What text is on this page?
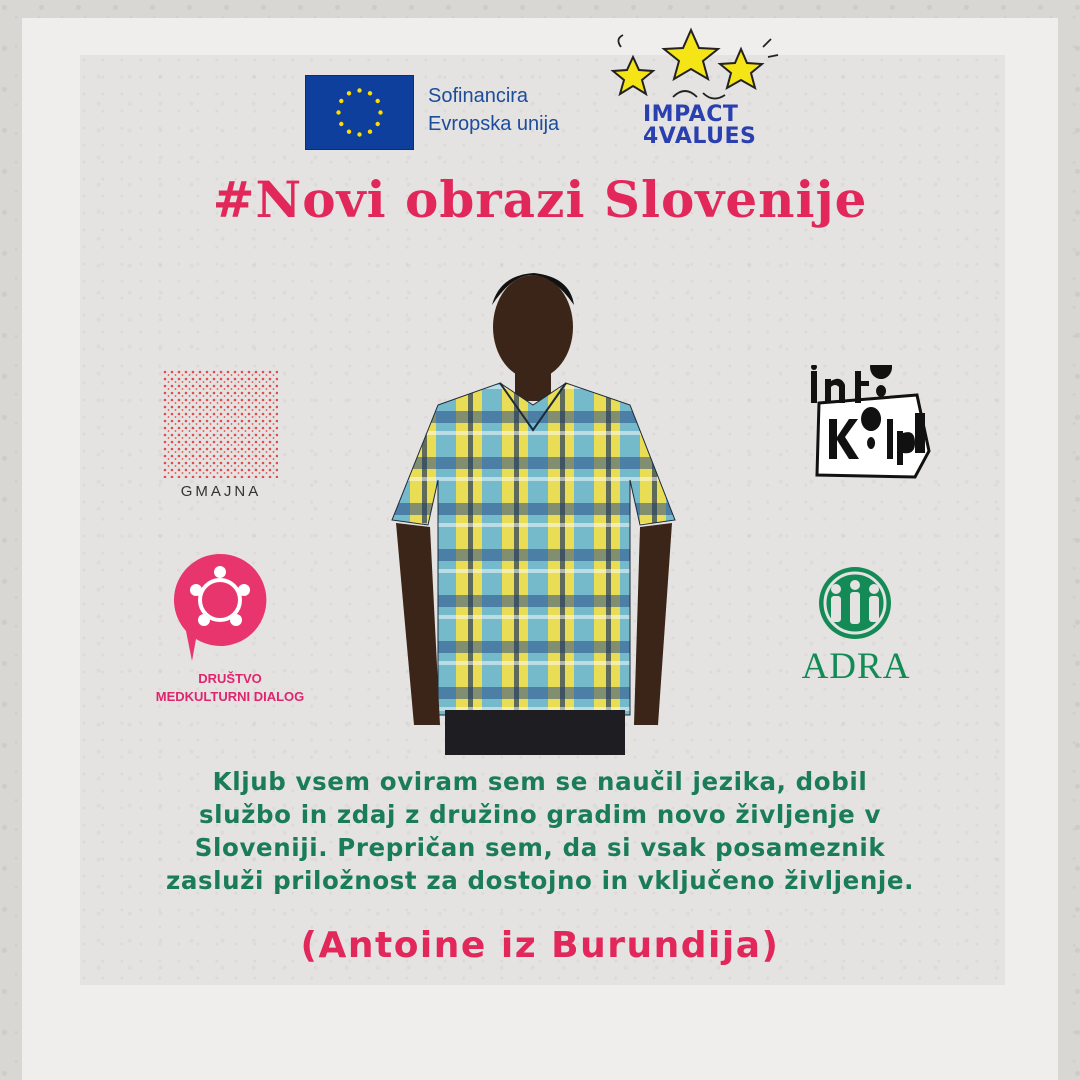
Sofinancira
Evropska unija	IMPACT
4VALUES
#Novi obrazi Slovenije
GMAJNA
DRUŠTVO
MEDKULTURNI DIALOG
ADRA
Kljub vsem oviram sem se naučil jezika, dobil
službo in zdaj z družino gradim novo življenje v
Sloveniji. Prepričan sem, da si vsak posameznik
zasluži priložnost za dostojno in vključeno življenje.
(Antoine iz Burundija)
